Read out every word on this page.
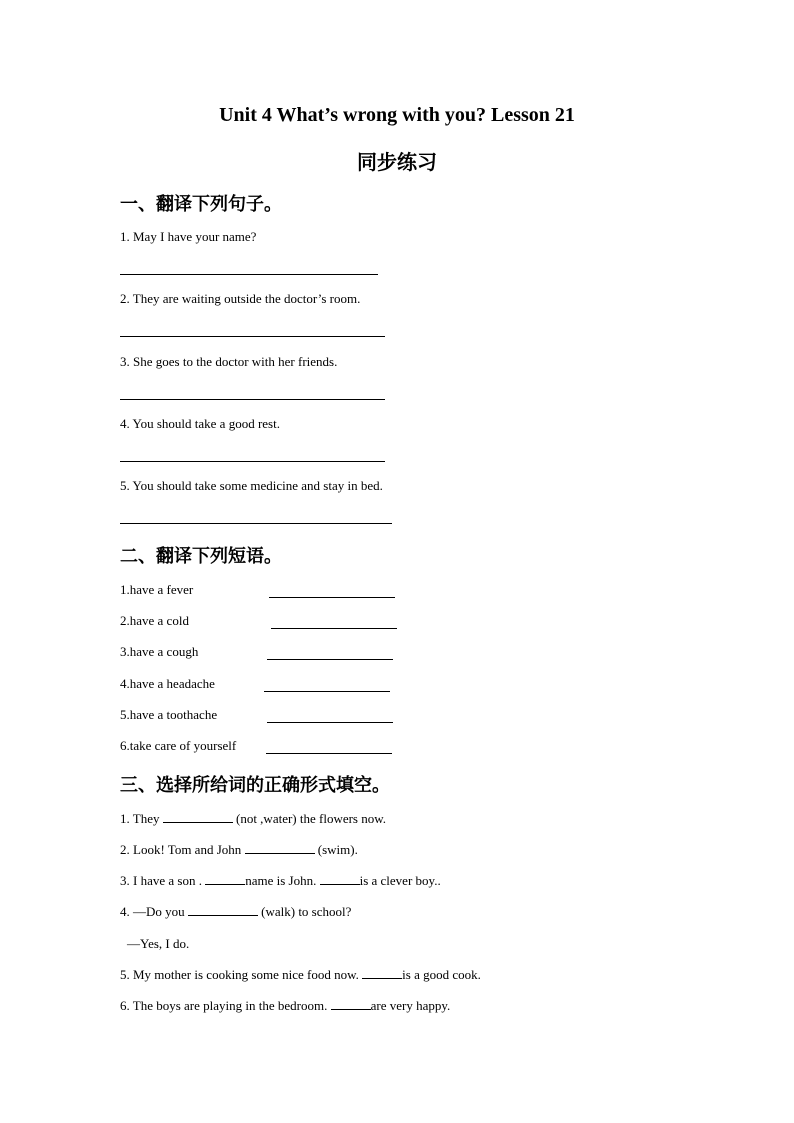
Unit 4 What’s wrong with you? Lesson 21
同步练习
一、翻译下列句子。
1. May I have your name?
2. They are waiting outside the doctor’s room.
3. She goes to the doctor with her friends.
4. You should take a good rest.
5. You should take some medicine and stay in bed.
二、翻译下列短语。
1.have a fever
2.have a cold
3.have a cough
4.have a headache
5.have a toothache
6.take care of yourself
三、选择所给词的正确形式填空。
1. They	(not ,water) the flowers now.
2. Look! Tom and John	(swim).
3. I have a son .	name is John.	is a clever boy..
4. —Do you	(walk) to school?
—Yes, I do.
5. My mother is cooking some nice food now.	is a good cook.
6. The boys are playing in the bedroom.	are very happy.
